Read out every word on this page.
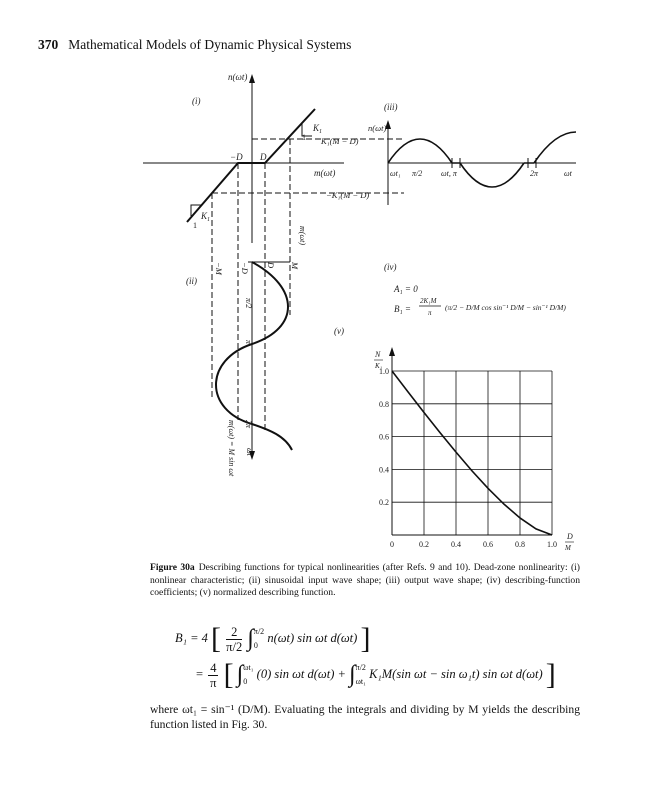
370 Mathematical Models of Dynamic Physical Systems
(i)
(ii)
(iii)
(iv)
(v)
n(ωt)
m(ωt)
$K_1$
1
$K_1$
1
−D D
K₁(M − D)
−K₁(M − D)
n(ωt)
ωt₁ π/2 ωt, π	2π	ωt
−M −D D M
m(ωt)
π/2
π
2π
ωt
m(ωt) = M sin ωt
A₁ = 0
B₁ =
2K₁M
π
(π/2 − D/M cos sin⁻¹ D/M − sin⁻¹ D/M)
N
K₁
D
M
0	0.2	0.4	0.6	0.8	1.0
0.2
0.4
0.6
0.8
1.0
Figure 30a Describing functions for typical nonlinearities (after Refs. 9 and 10). Dead-zone nonlinearity: (i) nonlinear characteristic; (ii) sinusoidal input wave shape; (iii) output wave shape; (iv) describing-function coefficients; (v) normalized describing function.
B₁ = 4 [ $\frac{2}{\pi/2}$ ∫ π/2
0
n(ωt) sin ωt d(ωt) ]
= $\frac{4}{\pi}$ [ ∫ ωt₁
0
(0) sin ωt d(ωt) + ∫ π/2
ωt₁
K₁M(sin ωt − sin ω₁t) sin ωt d(ωt) ]
where ωt₁ = sin⁻¹ (D/M). Evaluating the integrals and dividing by M yields the describing function listed in Fig. 30.
